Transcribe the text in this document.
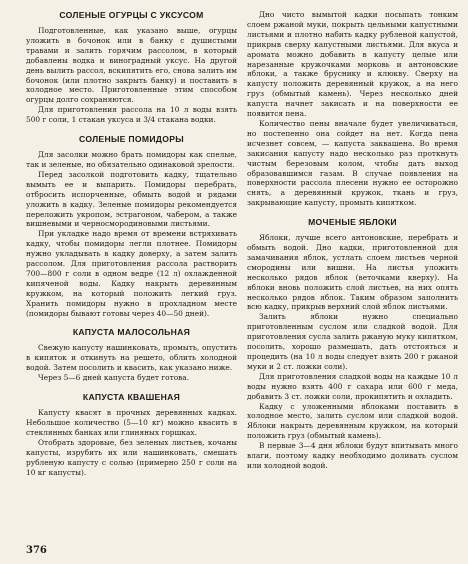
СОЛЕНЫЕ ОГУРЦЫ С УКСУСОМ

Подготовленные, как указано выше, огурцы уложить в бочонок или в банку с душистыми травами и залить горячим рассолом, в который добавлены водка и виноградный уксус. На другой день вылить рассол, вскипятить его, снова залить им бочонок (или плотно закрыть банку) и поставить в холодное место. Приготовленные этим способом огурцы долго сохраняются.

Для приготовления рассола на 10 л воды взять 500 г соли, 1 стакан уксуса и 3/4 стакана водки.

СОЛЕНЫЕ ПОМИДОРЫ

Для засолки можно брать помидоры как спелые, так и зеленые, но обязательно одинаковой зрелости.

Перед засолкой подготовить кадку, тщательно вымыть ее и выпарить. Помидоры перебрать, отбросить испорченные, обмыть водой и рядами уложить в кадку. Зеленые помидоры рекомендуется переложить укропом, эстрагоном, чабером, а также вишневыми и черносмородиновыми листьями.

При укладке надо время от времени встряхивать кадку, чтобы помидоры легли плотнее. Помидоры нужно укладывать в кадку доверху, а затем залить рассолом. Для приготовления рассола растворить 700—800 г соли в одном ведре (12 л) охлажденной кипяченой воды. Кадку накрыть деревянным кружком, на который положить легкий груз. Хранить помидоры нужно в прохладном месте (помидоры бывают готовы через 40—50 дней).

КАПУСТА МАЛОСОЛЬНАЯ

Свежую капусту нашинковать, промыть, опустить в кипяток и откинуть на решето, облить холодной водой. Затем посолить и квасить, как указано ниже.

Через 5—6 дней капуста будет готова.

КАПУСТА КВАШЕНАЯ

Капусту квасят в прочных деревянных кадках. Небольшое количество (5—10 кг) можно квасить в стеклянных банках или глиняных горшках.

Отобрать здоровые, без зеленых листьев, кочаны капусты, изрубить их или нашинковать, смешать рубленую капусту с солью (примерно 250 г соли на 10 кг капусты).

Дно чисто вымытой кадки посыпать тонким слоем ржаной муки, покрыть цельными капустными листьями и плотно набить кадку рубленой капустой, прикрыв сверху капустными листьями. Для вкуса и аромата можно добавить в капусту целые или нарезанные кружочками морковь и антоновские яблоки, а также бруснику и клюкву. Сверху на капусту положить деревянный кружок, а на него груз (обмытый камень). Через несколько дней капуста начнет закисать и на поверхности ее появится пена.

Количество пены вначале будет увеличиваться, но постепенно она сойдет на нет. Когда пена исчезнет совсем, — капуста заквашена. Во время закисания капусту надо несколько раз проткнуть чистым березовым колом, чтобы дать выход образовавшимся газам. В случае появления на поверхности рассола плесени нужно ее осторожно снять, а деревянный кружок, ткань и груз, закрывающие капусту, промыть кипятком.

МОЧЕНЫЕ ЯБЛОКИ

Яблоки, лучше всего антоновские, перебрать и обмыть водой. Дно кадки, приготовленной для замачивания яблок, устлать слоем листьев черной смородины или вишни. На листья уложить несколько рядов яблок (веточками кверху). На яблоки вновь положить слой листьев, на них опять несколько рядов яблок. Таким образом заполнить всю кадку, прикрыв верхний слой яблок листьями.

Залить яблоки нужно специально приготовленным суслом или сладкой водой. Для приготовления сусла залить ржаную муку кипятком, посолить, хорошо размешать, дать отстояться и процедить (на 10 л воды следует взять 200 г ржаной муки и 2 ст. ложки соли).

Для приготовления сладкой воды на каждые 10 л воды нужно взять 400 г сахара или 600 г меда, добавить 3 ст. ложки соли, прокипятить и охладить.

Кадку с уложенными яблоками поставить в холодное место, залить суслом или сладкой водой. Яблоки накрыть деревянным кружком, на который положить груз (обмытый камень).

В первые 3—4 дня яблоки будут впитывать много влаги, поэтому кадку необходимо доливать суслом или холодной водой.

376
